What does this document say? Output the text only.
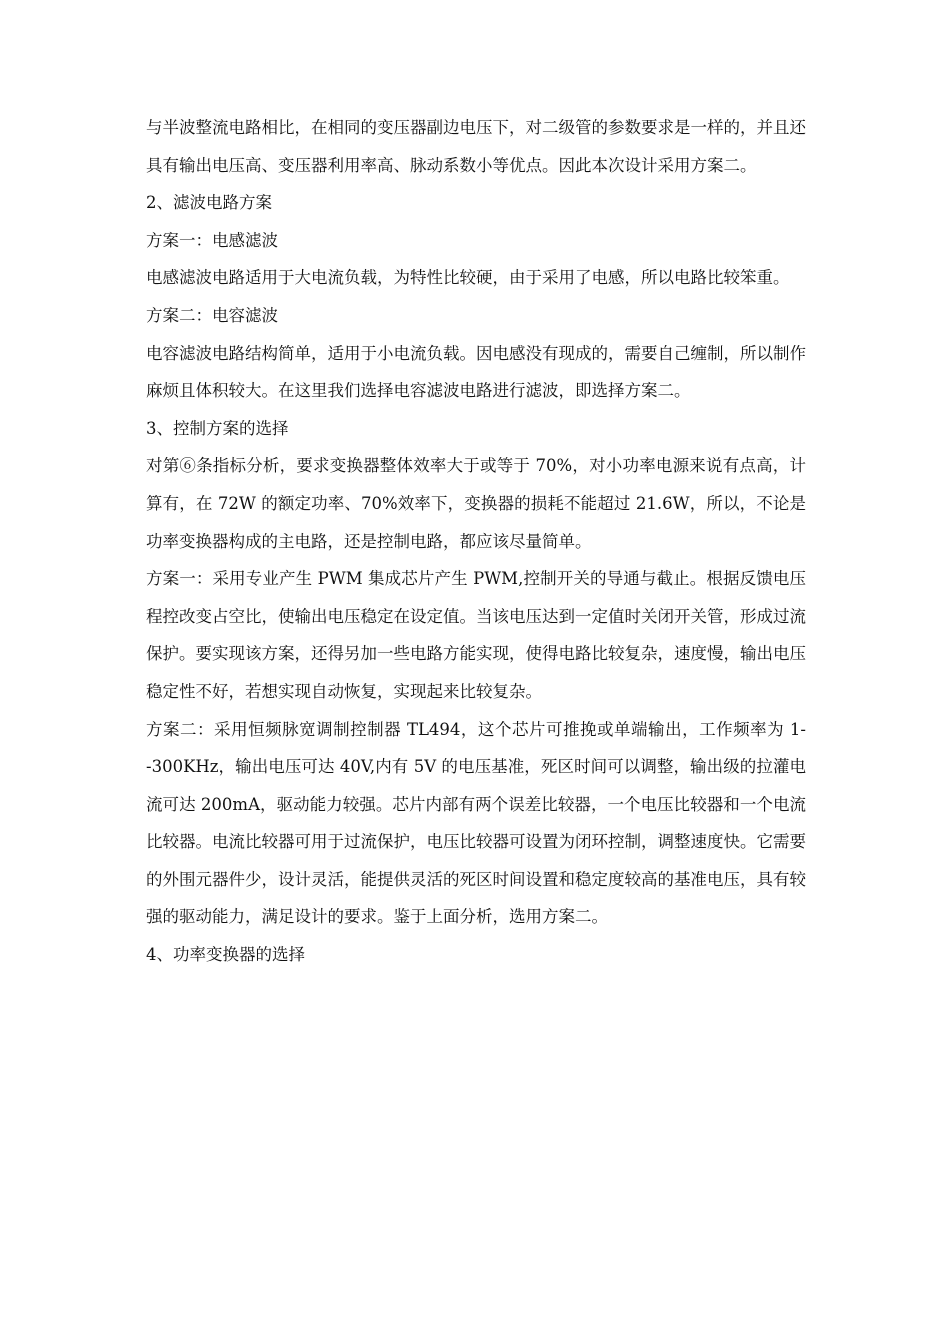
与半波整流电路相比，在相同的变压器副边电压下，对二级管的参数要求是一样的，并且还具有输出电压高、变压器利用率高、脉动系数小等优点。因此本次设计采用方案二。

2、滤波电路方案

方案一：电感滤波

电感滤波电路适用于大电流负载，为特性比较硬，由于采用了电感，所以电路比较笨重。

方案二：电容滤波

电容滤波电路结构简单，适用于小电流负载。因电感没有现成的，需要自己缠制，所以制作麻烦且体积较大。在这里我们选择电容滤波电路进行滤波，即选择方案二。

3、控制方案的选择

对第⑥条指标分析，要求变换器整体效率大于或等于 70%，对小功率电源来说有点高，计算有，在 72W 的额定功率、70%效率下，变换器的损耗不能超过 21.6W，所以，不论是功率变换器构成的主电路，还是控制电路，都应该尽量简单。

方案一：采用专业产生 PWM 集成芯片产生 PWM,控制开关的导通与截止。根据反馈电压程控改变占空比，使输出电压稳定在设定值。当该电压达到一定值时关闭开关管，形成过流保护。要实现该方案，还得另加一些电路方能实现，使得电路比较复杂，速度慢，输出电压稳定性不好，若想实现自动恢复，实现起来比较复杂。

方案二：采用恒频脉宽调制控制器 TL494，这个芯片可推挽或单端输出，工作频率为 1--300KHz，输出电压可达 40V,内有 5V 的电压基准，死区时间可以调整，输出级的拉灌电流可达 200mA，驱动能力较强。芯片内部有两个误差比较器，一个电压比较器和一个电流比较器。电流比较器可用于过流保护，电压比较器可设置为闭环控制，调整速度快。它需要的外围元器件少，设计灵活，能提供灵活的死区时间设置和稳定度较高的基准电压，具有较强的驱动能力，满足设计的要求。鉴于上面分析，选用方案二。

4、功率变换器的选择
